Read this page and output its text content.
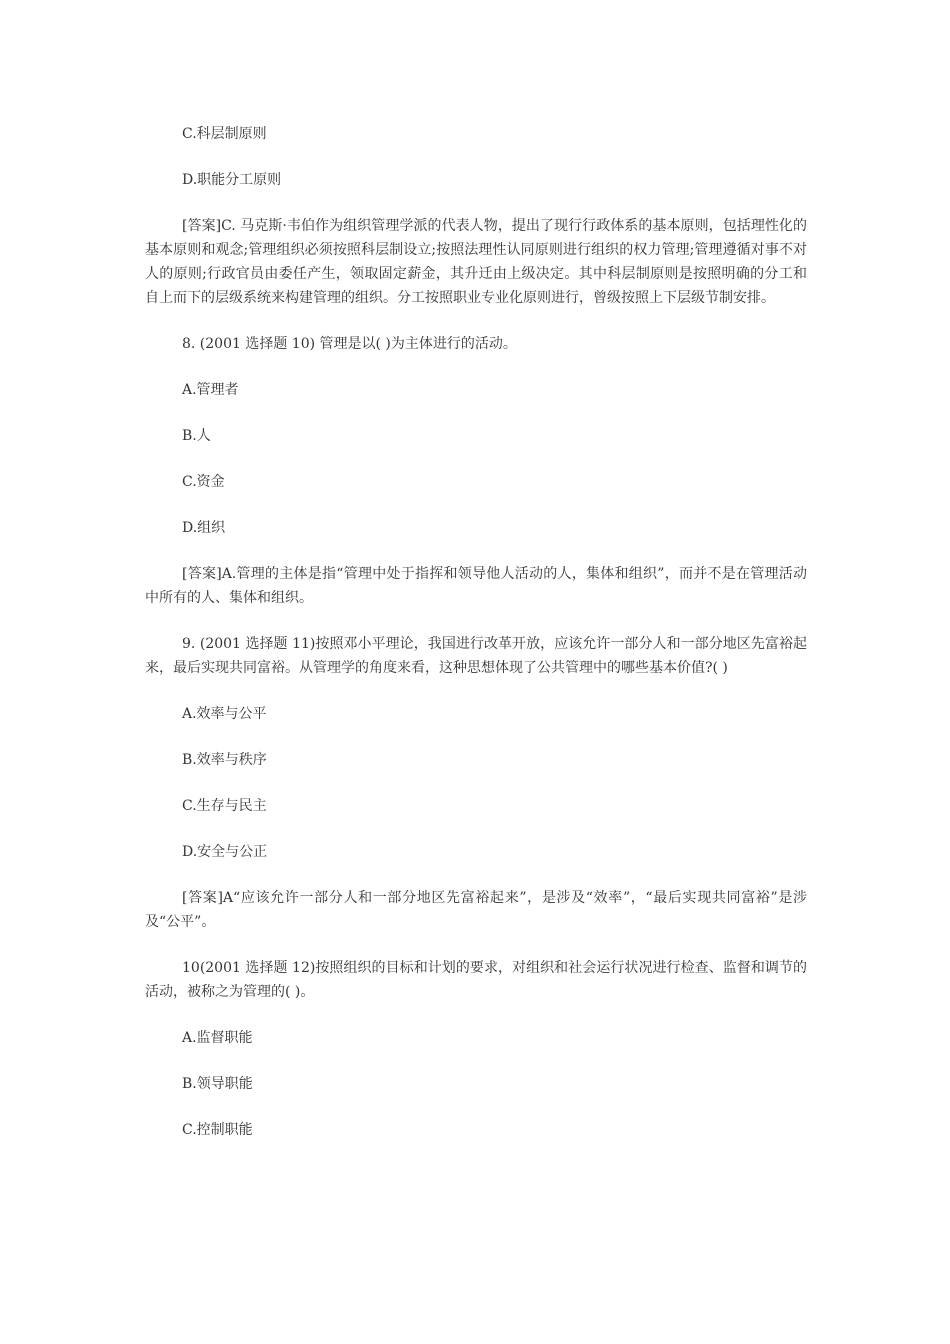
C.科层制原则

D.职能分工原则

[答案]C. 马克斯·韦伯作为组织管理学派的代表人物，提出了现行行政体系的基本原则，包括理性化的基本原则和观念;管理组织必须按照科层制设立;按照法理性认同原则进行组织的权力管理;管理遵循对事不对人的原则;行政官员由委任产生，领取固定薪金，其升迁由上级决定。其中科层制原则是按照明确的分工和自上而下的层级系统来构建管理的组织。分工按照职业专业化原则进行，曾级按照上下层级节制安排。

8. (2001 选择题 10) 管理是以( )为主体进行的活动。

A.管理者

B.人

C.资金

D.组织

[答案]A.管理的主体是指“管理中处于指挥和领导他人活动的人，集体和组织”，而并不是在管理活动中所有的人、集体和组织。

9. (2001 选择题 11)按照邓小平理论，我国进行改革开放，应该允许一部分人和一部分地区先富裕起来，最后实现共同富裕。从管理学的角度来看，这种思想体现了公共管理中的哪些基本价值?( )

A.效率与公平

B.效率与秩序

C.生存与民主

D.安全与公正

[答案]A“应该允许一部分人和一部分地区先富裕起来”，是涉及“效率”，“最后实现共同富裕”是涉及“公平”。

10(2001 选择题 12)按照组织的目标和计划的要求，对组织和社会运行状况进行检查、监督和调节的活动，被称之为管理的( )。

A.监督职能

B.领导职能

C.控制职能
